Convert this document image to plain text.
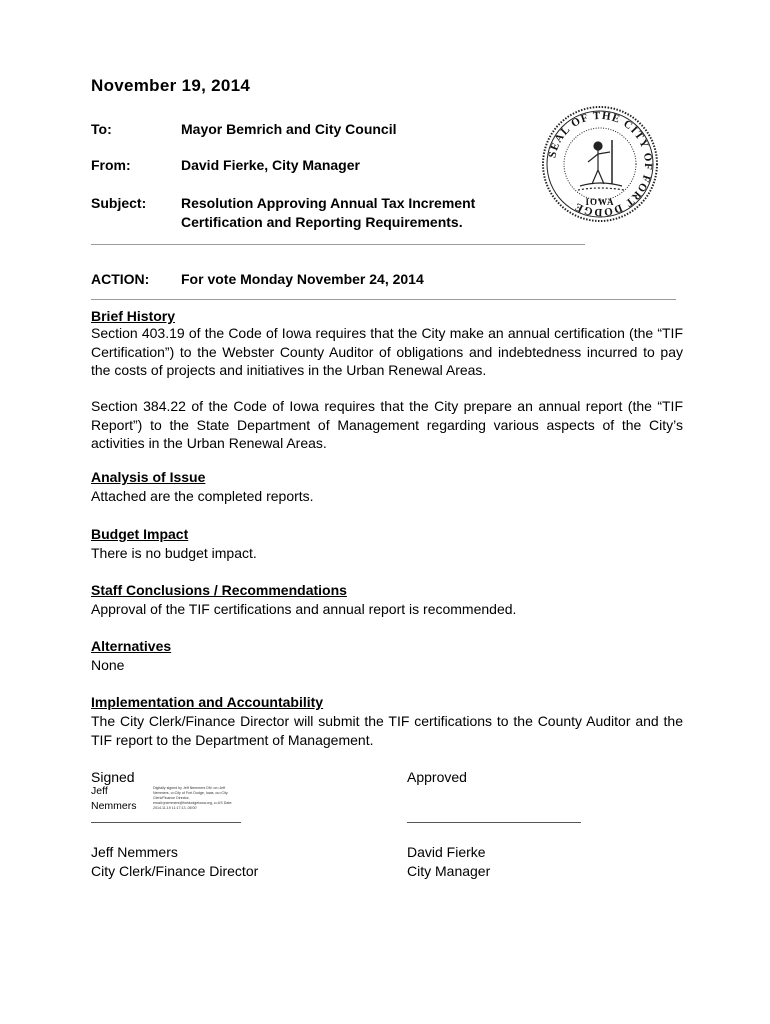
November 19, 2014
To:	Mayor Bemrich and City Council
From:	David Fierke, City Manager
Subject: Resolution Approving Annual Tax Increment
Certification and Reporting Requirements.
ACTION: For vote Monday November 24, 2014
SEAL OF THE CITY OF FORT DODGE IOWA
Brief History
Section 403.19 of the Code of Iowa requires that the City make an annual certification (the “TIF Certification”) to the Webster County Auditor of obligations and indebtedness incurred to pay the costs of projects and initiatives in the Urban Renewal Areas.
Section 384.22 of the Code of Iowa requires that the City prepare an annual report (the “TIF Report”) to the State Department of Management regarding various aspects of the City’s activities in the Urban Renewal Areas.
Analysis of Issue
Attached are the completed reports.
Budget Impact
There is no budget impact.
Staff Conclusions / Recommendations
Approval of the TIF certifications and annual report is recommended.
Alternatives
None
Implementation and Accountability
The City Clerk/Finance Director will submit the TIF certifications to the County Auditor and the TIF report to the Department of Management.
Signed	Approved
Jeff
Nemmers
Digitally signed by Jeff Nemmers DN: cn=Jeff Nemmers, o=City of Fort Dodge, Iowa, ou=City Clerk/Finance Director, email=jnemmers@fortdodgeiowa.org, c=US Date: 2014.11.19 11:17:13 -06'00'
Jeff Nemmers
City Clerk/Finance Director
David Fierke
City Manager
